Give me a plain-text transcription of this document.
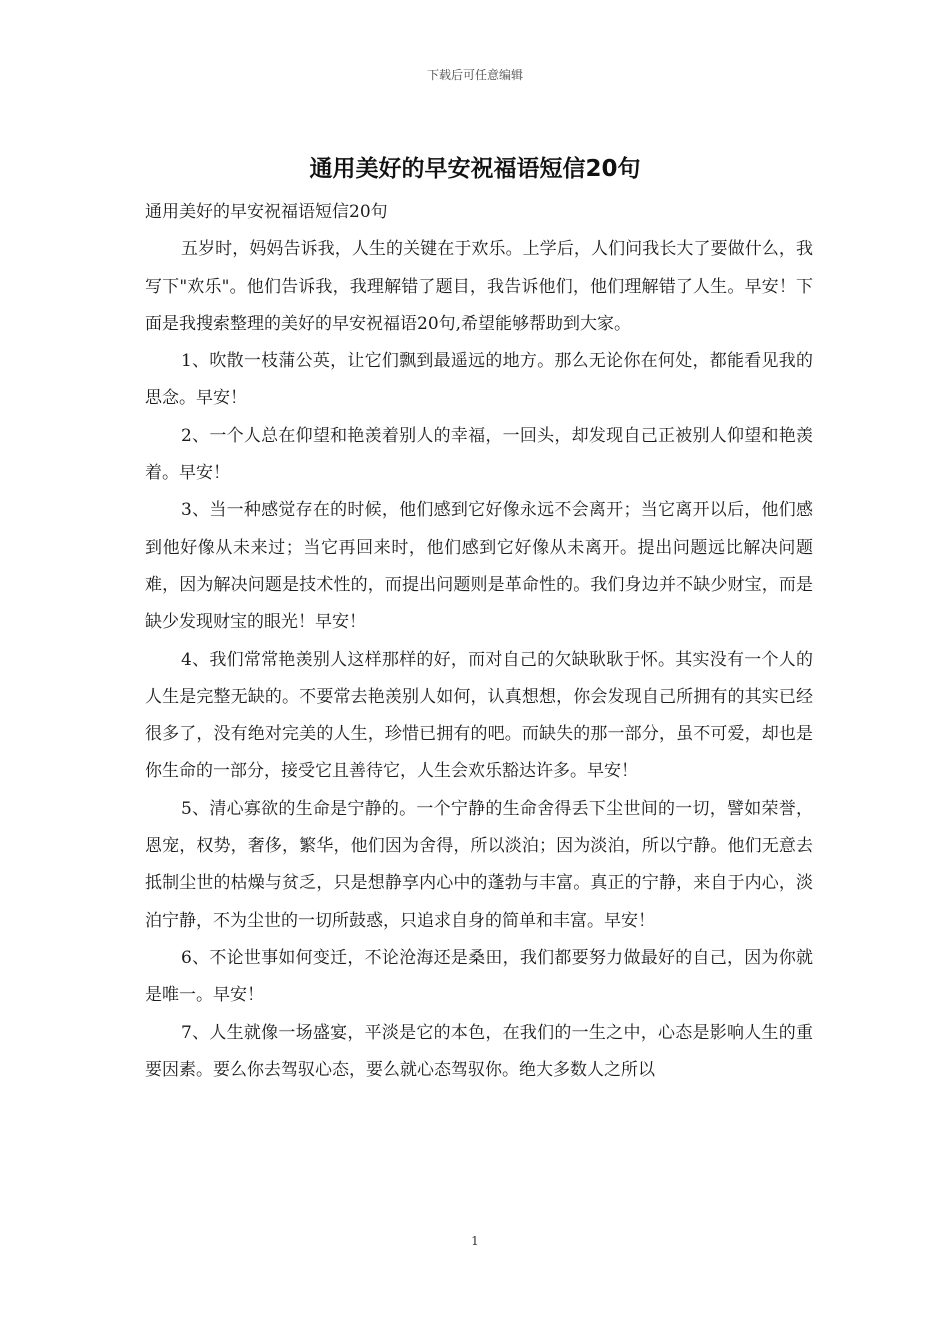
下载后可任意编辑
通用美好的早安祝福语短信20句

通用美好的早安祝福语短信20句

五岁时，妈妈告诉我，人生的关键在于欢乐。上学后，人们问我长大了要做什么，我写下"欢乐"。他们告诉我，我理解错了题目，我告诉他们，他们理解错了人生。早安！下面是我搜索整理的美好的早安祝福语20句,希望能够帮助到大家。

1、吹散一枝蒲公英，让它们飘到最遥远的地方。那么无论你在何处，都能看见我的思念。早安！

2、一个人总在仰望和艳羡着别人的幸福，一回头，却发现自己正被别人仰望和艳羡着。早安！

3、当一种感觉存在的时候，他们感到它好像永远不会离开；当它离开以后，他们感到他好像从未来过；当它再回来时，他们感到它好像从未离开。提出问题远比解决问题难，因为解决问题是技术性的，而提出问题则是革命性的。我们身边并不缺少财宝，而是缺少发现财宝的眼光！早安！

4、我们常常艳羡别人这样那样的好，而对自己的欠缺耿耿于怀。其实没有一个人的人生是完整无缺的。不要常去艳羡别人如何，认真想想，你会发现自己所拥有的其实已经很多了，没有绝对完美的人生，珍惜已拥有的吧。而缺失的那一部分，虽不可爱，却也是你生命的一部分，接受它且善待它，人生会欢乐豁达许多。早安！

5、清心寡欲的生命是宁静的。一个宁静的生命舍得丢下尘世间的一切，譬如荣誉，恩宠，权势，奢侈，繁华，他们因为舍得，所以淡泊；因为淡泊，所以宁静。他们无意去抵制尘世的枯燥与贫乏，只是想静享内心中的蓬勃与丰富。真正的宁静，来自于内心，淡泊宁静，不为尘世的一切所鼓惑，只追求自身的简单和丰富。早安！

6、不论世事如何变迁，不论沧海还是桑田，我们都要努力做最好的自己，因为你就是唯一。早安！

7、人生就像一场盛宴，平淡是它的本色，在我们的一生之中，心态是影响人生的重要因素。要么你去驾驭心态，要么就心态驾驭你。绝大多数人之所以

1
